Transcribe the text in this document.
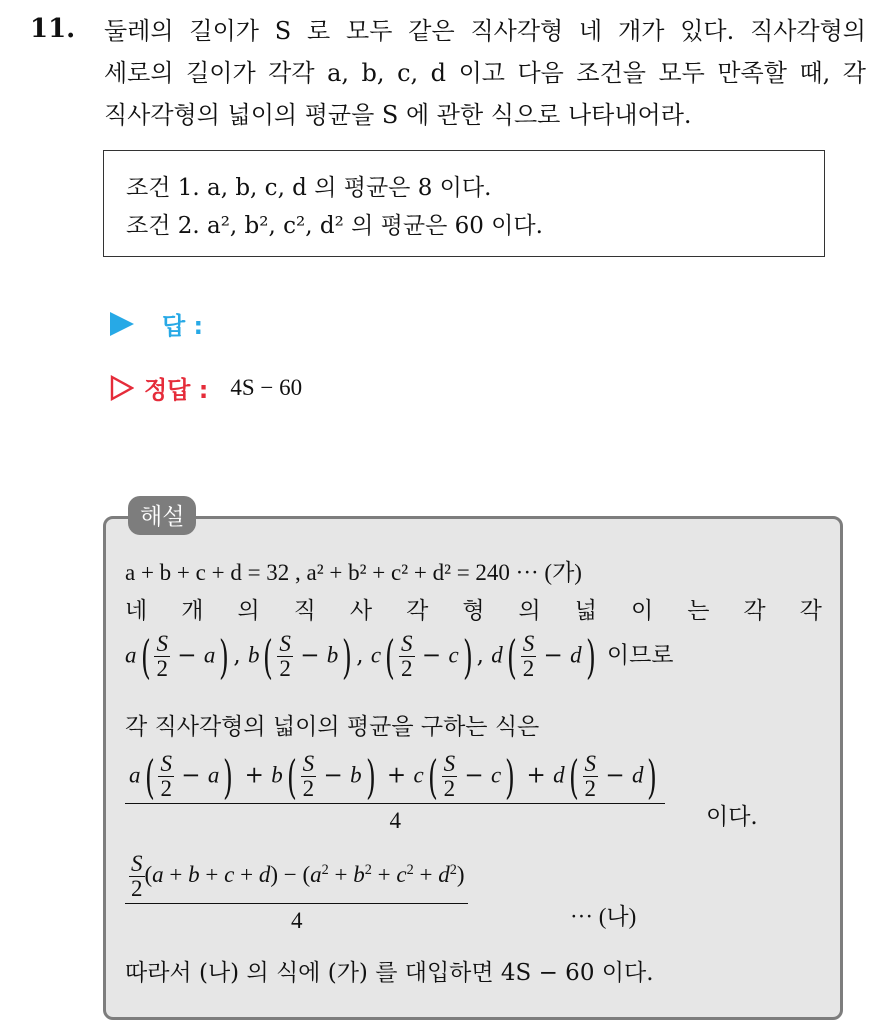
11. 둘레의 길이가 S 로 모두 같은 직사각형 네 개가 있다. 직사각형의
세로의 길이가 각각 a, b, c, d 이고 다음 조건을 모두 만족할 때, 각
직사각형의 넓이의 평균을 S 에 관한 식으로 나타내어라.
조건 1. a, b, c, d 의 평균은 8 이다.
조건 2. a², b², c², d² 의 평균은 60 이다.
답 :
정답 : 4S − 60
해설
a + b + c + d = 32 , a² + b² + c² + d² = 240 ··· (가)
네 개 의 직 사 각 형 의 넓 이 는 각 각
$a( \frac{S}{2} - a)$ , $b( \frac{S}{2} - b)$ , $c( \frac{S}{2} - c)$ , $d( \frac{S}{2} - d)$ 이므로
각 직사각형의 넓이의 평균을 구하는 식은
$a( \frac{S}{2} - a) + b( \frac{S}{2} - b) + c( \frac{S}{2} - c) + d( \frac{S}{2} - d)$
4	이다.
$\frac{S}{2} (a + b + c + d) - (a^2 + b^2 + c^2 + d^2)$
4	··· (나)
따라서 (나) 의 식에 (가) 를 대입하면 4S − 60 이다.
